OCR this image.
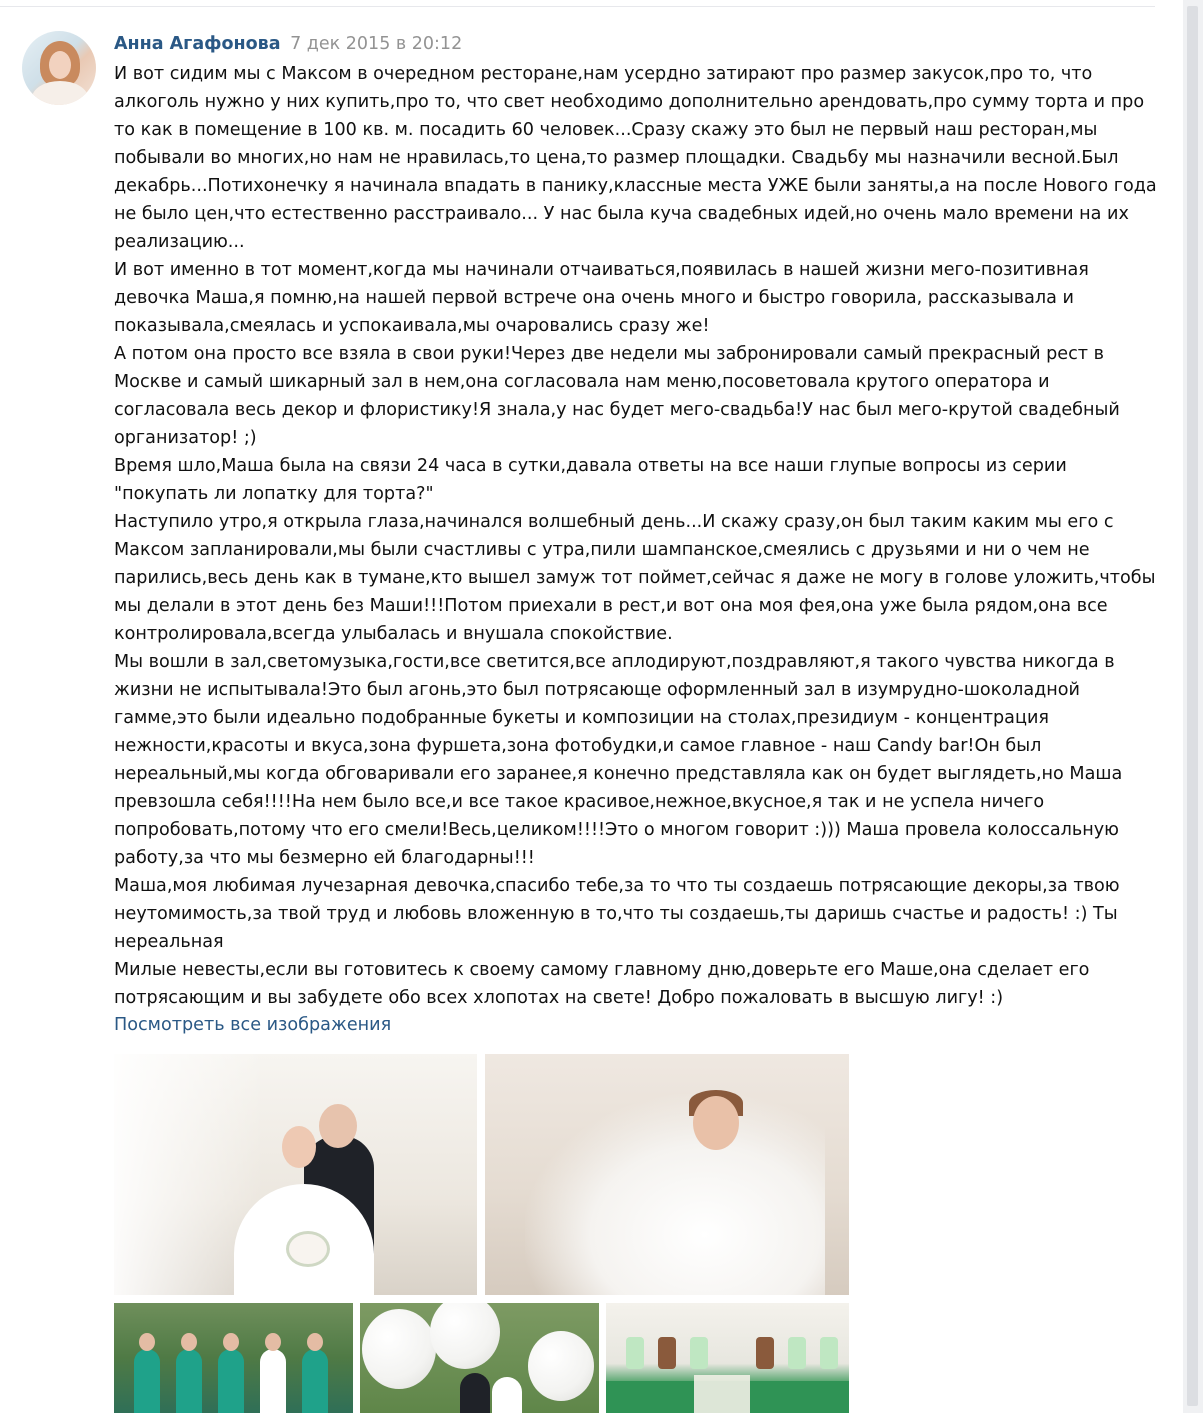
Анна Агафонова 7 дек 2015 в 20:12

И вот сидим мы с Максом в очередном ресторане,нам усердно затирают про размер закусок,про то, что алкоголь нужно у них купить,про то, что свет необходимо дополнительно арендовать,про сумму торта и про то как в помещение в 100 кв. м. посадить 60 человек...Сразу скажу это был не первый наш ресторан,мы побывали во многих,но нам не нравилась,то цена,то размер площадки. Свадьбу мы назначили весной.Был декабрь...Потихонечку я начинала впадать в панику,классные места УЖЕ были заняты,а на после Нового года не было цен,что естественно расстраивало... У нас была куча свадебных идей,но очень мало времени на их реализацию...

И вот именно в тот момент,когда мы начинали отчаиваться,появилась в нашей жизни мего-позитивная девочка Маша,я помню,на нашей первой встрече она очень много и быстро говорила, рассказывала и показывала,смеялась и успокаивала,мы очаровались сразу же!

А потом она просто все взяла в свои руки!Через две недели мы забронировали самый прекрасный рест в Москве и самый шикарный зал в нем,она согласовала нам меню,посоветовала крутого оператора и согласовала весь декор и флористику!Я знала,у нас будет мего-свадьба!У нас был мего-крутой свадебный организатор! ;)

Время шло,Маша была на связи 24 часа в сутки,давала ответы на все наши глупые вопросы из серии "покупать ли лопатку для торта?"

Наступило утро,я открыла глаза,начинался волшебный день...И скажу сразу,он был таким каким мы его с Максом запланировали,мы были счастливы с утра,пили шампанское,смеялись с друзьями и ни о чем не парились,весь день как в тумане,кто вышел замуж тот поймет,сейчас я даже не могу в голове уложить,чтобы мы делали в этот день без Маши!!!Потом приехали в рест,и вот она моя фея,она уже была рядом,она все контролировала,всегда улыбалась и внушала спокойствие.

Мы вошли в зал,светомузыка,гости,все светится,все аплодируют,поздравляют,я такого чувства никогда в жизни не испытывала!Это был агонь,это был потрясающе оформленный зал в изумрудно-шоколадной гамме,это были идеально подобранные букеты и композиции на столах,президиум - концентрация нежности,красоты и вкуса,зона фуршета,зона фотобудки,и самое главное - наш Candy bar!Он был нереальный,мы когда обговаривали его заранее,я конечно представляла как он будет выглядеть,но Маша превзошла себя!!!!На нем было все,и все такое красивое,нежное,вкусное,я так и не успела ничего попробовать,потому что его смели!Весь,целиком!!!!Это о многом говорит :))) Маша провела колоссальную работу,за что мы безмерно ей благодарны!!!

Маша,моя любимая лучезарная девочка,спасибо тебе,за то что ты создаешь потрясающие декоры,за твою неутомимость,за твой труд и любовь вложенную в то,что ты создаешь,ты даришь счастье и радость! :) Ты нереальная

Милые невесты,если вы готовитесь к своему самому главному дню,доверьте его Маше,она сделает его потрясающим и вы забудете обо всех хлопотах на свете! Добро пожаловать в высшую лигу! :)

Посмотреть все изображения
